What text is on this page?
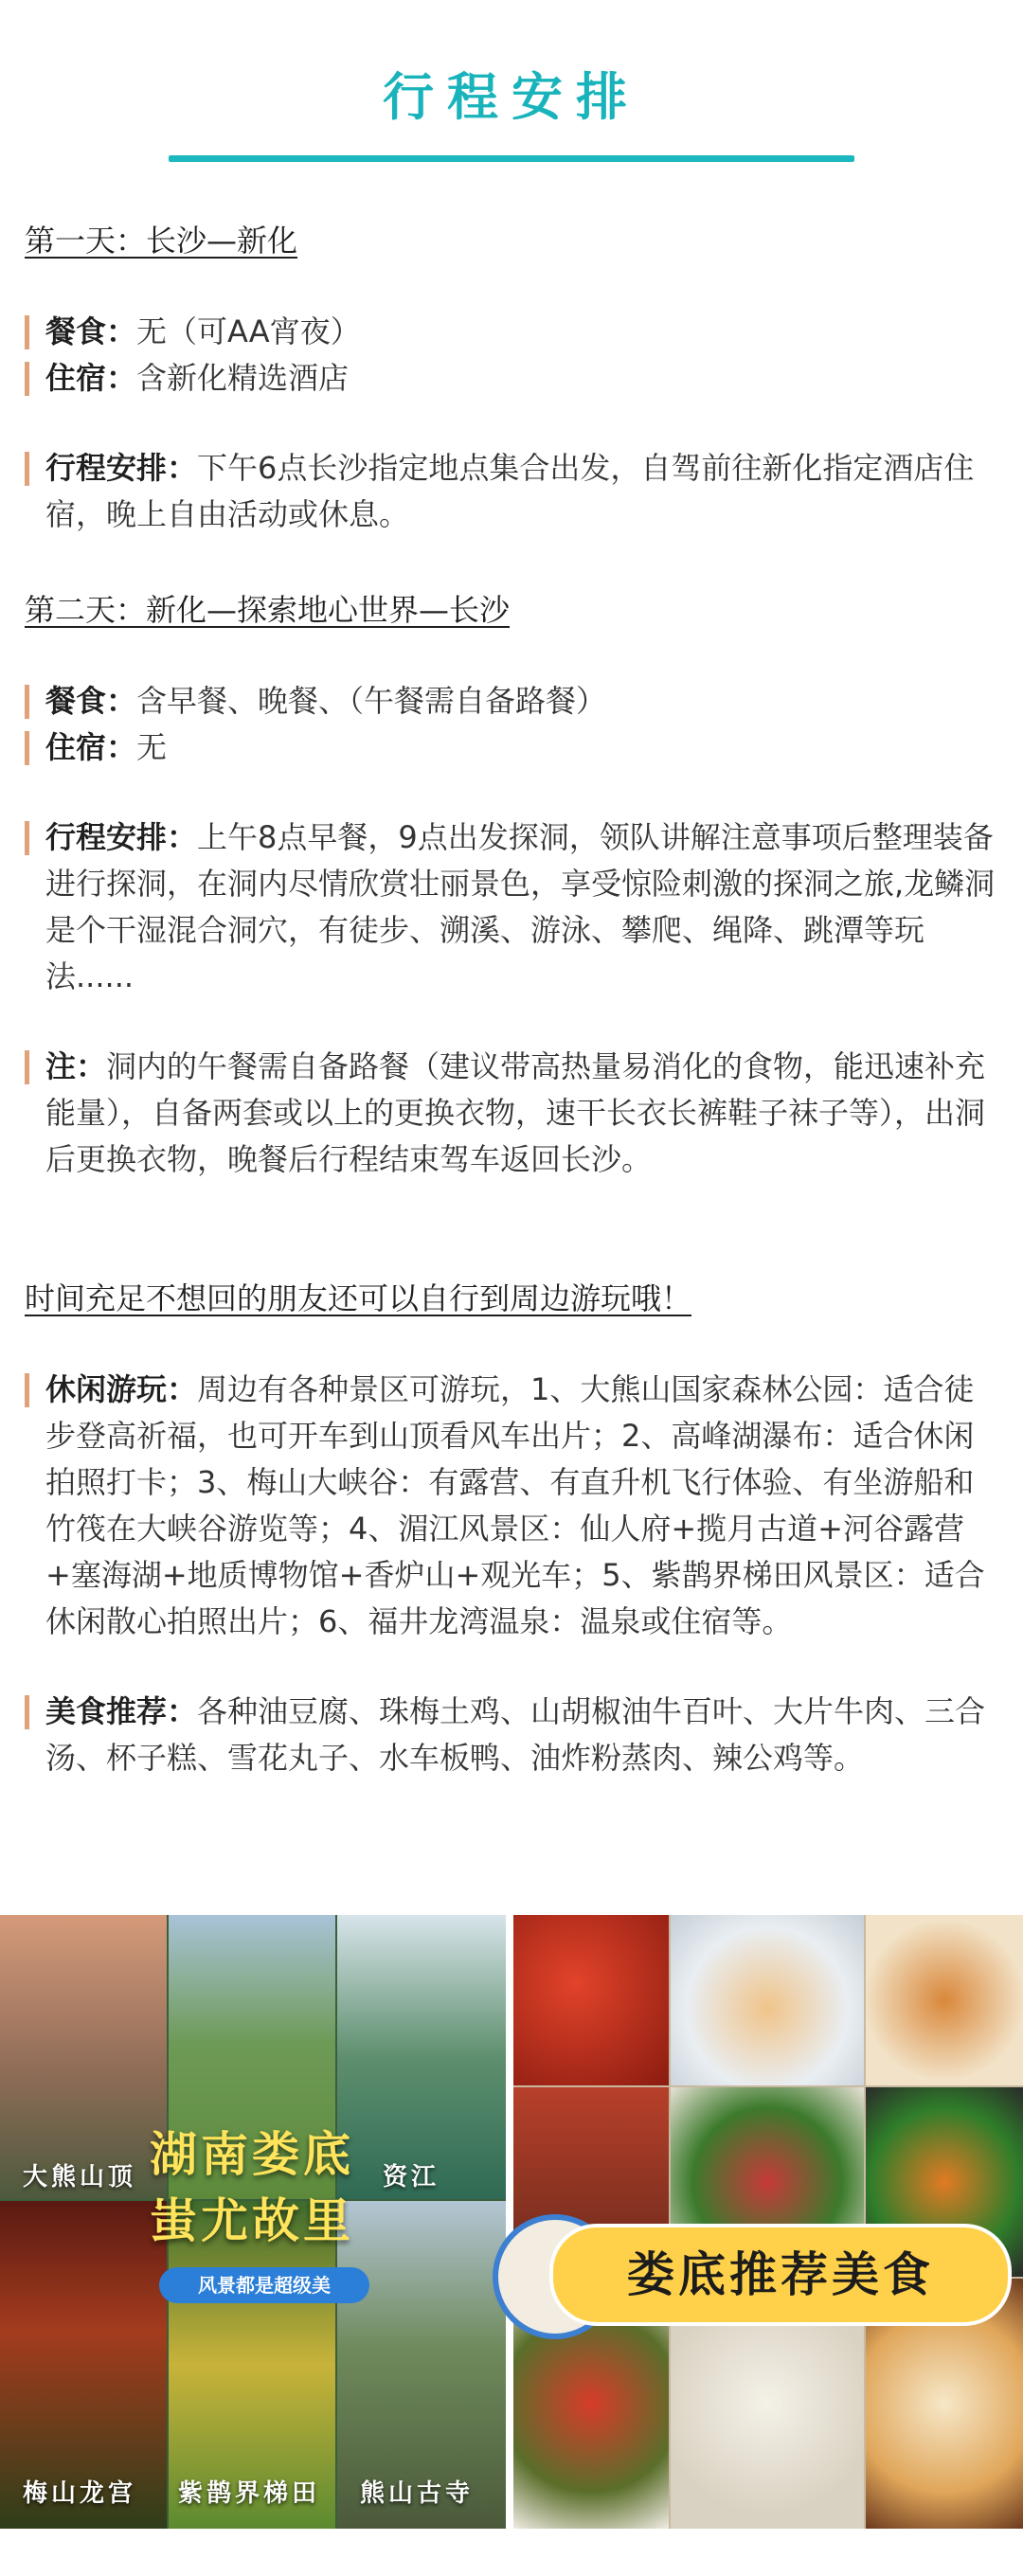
行程安排

第一天：长沙—新化

餐食：无（可AA宵夜）

住宿：含新化精选酒店

行程安排：下午6点长沙指定地点集合出发，自驾前往新化指定酒店住宿，晚上自由活动或休息。

第二天：新化—探索地心世界—长沙

餐食：含早餐、晚餐、（午餐需自备路餐）

住宿：无

行程安排：上午8点早餐，9点出发探洞，领队讲解注意事项后整理装备进行探洞，在洞内尽情欣赏壮丽景色，享受惊险刺激的探洞之旅,龙鳞洞是个干湿混合洞穴，有徒步、溯溪、游泳、攀爬、绳降、跳潭等玩法......

注：洞内的午餐需自备路餐（建议带高热量易消化的食物，能迅速补充能量），自备两套或以上的更换衣物，速干长衣长裤鞋子袜子等），出洞后更换衣物，晚餐后行程结束驾车返回长沙。

时间充足不想回的朋友还可以自行到周边游玩哦！

休闲游玩：周边有各种景区可游玩，1、大熊山国家森林公园：适合徒步登高祈福，也可开车到山顶看风车出片；2、高峰湖瀑布：适合休闲拍照打卡；3、梅山大峡谷：有露营、有直升机飞行体验、有坐游船和竹筏在大峡谷游览等；4、湄江风景区：仙人府+揽月古道+河谷露营+塞海湖+地质博物馆+香炉山+观光车；5、紫鹊界梯田风景区：适合休闲散心拍照出片；6、福井龙湾温泉：温泉或住宿等。

美食推荐：各种油豆腐、珠梅土鸡、山胡椒油牛百叶、大片牛肉、三合汤、杯子糕、雪花丸子、水车板鸭、油炸粉蒸肉、辣公鸡等。

大熊山顶	资江
湖南娄底
蚩尤故里
风景都是超级美
梅山龙宫 紫鹊界梯田 熊山古寺
娄底推荐美食
